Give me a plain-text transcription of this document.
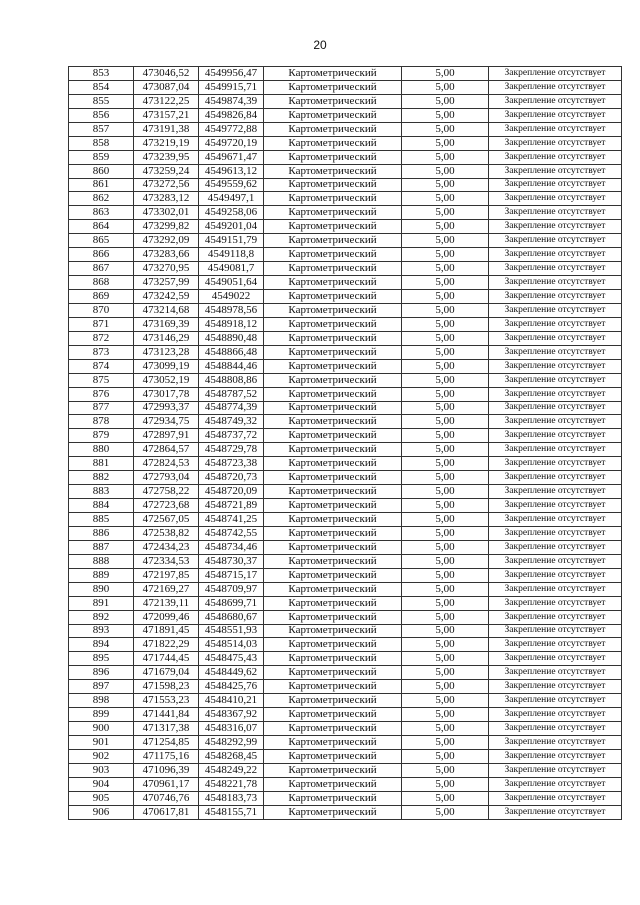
20
853	473046,52	4549956,47	Картометрический	5,00	Закрепление отсутствует
854	473087,04	4549915,71	Картометрический	5,00	Закрепление отсутствует
855	473122,25	4549874,39	Картометрический	5,00	Закрепление отсутствует
856	473157,21	4549826,84	Картометрический	5,00	Закрепление отсутствует
857	473191,38	4549772,88	Картометрический	5,00	Закрепление отсутствует
858	473219,19	4549720,19	Картометрический	5,00	Закрепление отсутствует
859	473239,95	4549671,47	Картометрический	5,00	Закрепление отсутствует
860	473259,24	4549613,12	Картометрический	5,00	Закрепление отсутствует
861	473272,56	4549559,62	Картометрический	5,00	Закрепление отсутствует
862	473283,12	4549497,1	Картометрический	5,00	Закрепление отсутствует
863	473302,01	4549258,06	Картометрический	5,00	Закрепление отсутствует
864	473299,82	4549201,04	Картометрический	5,00	Закрепление отсутствует
865	473292,09	4549151,79	Картометрический	5,00	Закрепление отсутствует
866	473283,66	4549118,8	Картометрический	5,00	Закрепление отсутствует
867	473270,95	4549081,7	Картометрический	5,00	Закрепление отсутствует
868	473257,99	4549051,64	Картометрический	5,00	Закрепление отсутствует
869	473242,59	4549022	Картометрический	5,00	Закрепление отсутствует
870	473214,68	4548978,56	Картометрический	5,00	Закрепление отсутствует
871	473169,39	4548918,12	Картометрический	5,00	Закрепление отсутствует
872	473146,29	4548890,48	Картометрический	5,00	Закрепление отсутствует
873	473123,28	4548866,48	Картометрический	5,00	Закрепление отсутствует
874	473099,19	4548844,46	Картометрический	5,00	Закрепление отсутствует
875	473052,19	4548808,86	Картометрический	5,00	Закрепление отсутствует
876	473017,78	4548787,52	Картометрический	5,00	Закрепление отсутствует
877	472993,37	4548774,39	Картометрический	5,00	Закрепление отсутствует
878	472934,75	4548749,32	Картометрический	5,00	Закрепление отсутствует
879	472897,91	4548737,72	Картометрический	5,00	Закрепление отсутствует
880	472864,57	4548729,78	Картометрический	5,00	Закрепление отсутствует
881	472824,53	4548723,38	Картометрический	5,00	Закрепление отсутствует
882	472793,04	4548720,73	Картометрический	5,00	Закрепление отсутствует
883	472758,22	4548720,09	Картометрический	5,00	Закрепление отсутствует
884	472723,68	4548721,89	Картометрический	5,00	Закрепление отсутствует
885	472567,05	4548741,25	Картометрический	5,00	Закрепление отсутствует
886	472538,82	4548742,55	Картометрический	5,00	Закрепление отсутствует
887	472434,23	4548734,46	Картометрический	5,00	Закрепление отсутствует
888	472334,53	4548730,37	Картометрический	5,00	Закрепление отсутствует
889	472197,85	4548715,17	Картометрический	5,00	Закрепление отсутствует
890	472169,27	4548709,97	Картометрический	5,00	Закрепление отсутствует
891	472139,11	4548699,71	Картометрический	5,00	Закрепление отсутствует
892	472099,46	4548680,67	Картометрический	5,00	Закрепление отсутствует
893	471891,45	4548551,93	Картометрический	5,00	Закрепление отсутствует
894	471822,29	4548514,03	Картометрический	5,00	Закрепление отсутствует
895	471744,45	4548475,43	Картометрический	5,00	Закрепление отсутствует
896	471679,04	4548449,62	Картометрический	5,00	Закрепление отсутствует
897	471598,23	4548425,76	Картометрический	5,00	Закрепление отсутствует
898	471553,23	4548410,21	Картометрический	5,00	Закрепление отсутствует
899	471441,84	4548367,92	Картометрический	5,00	Закрепление отсутствует
900	471317,38	4548316,07	Картометрический	5,00	Закрепление отсутствует
901	471254,85	4548292,99	Картометрический	5,00	Закрепление отсутствует
902	471175,16	4548268,45	Картометрический	5,00	Закрепление отсутствует
903	471096,39	4548249,22	Картометрический	5,00	Закрепление отсутствует
904	470961,17	4548221,78	Картометрический	5,00	Закрепление отсутствует
905	470746,76	4548183,73	Картометрический	5,00	Закрепление отсутствует
906	470617,81	4548155,71	Картометрический	5,00	Закрепление отсутствует
